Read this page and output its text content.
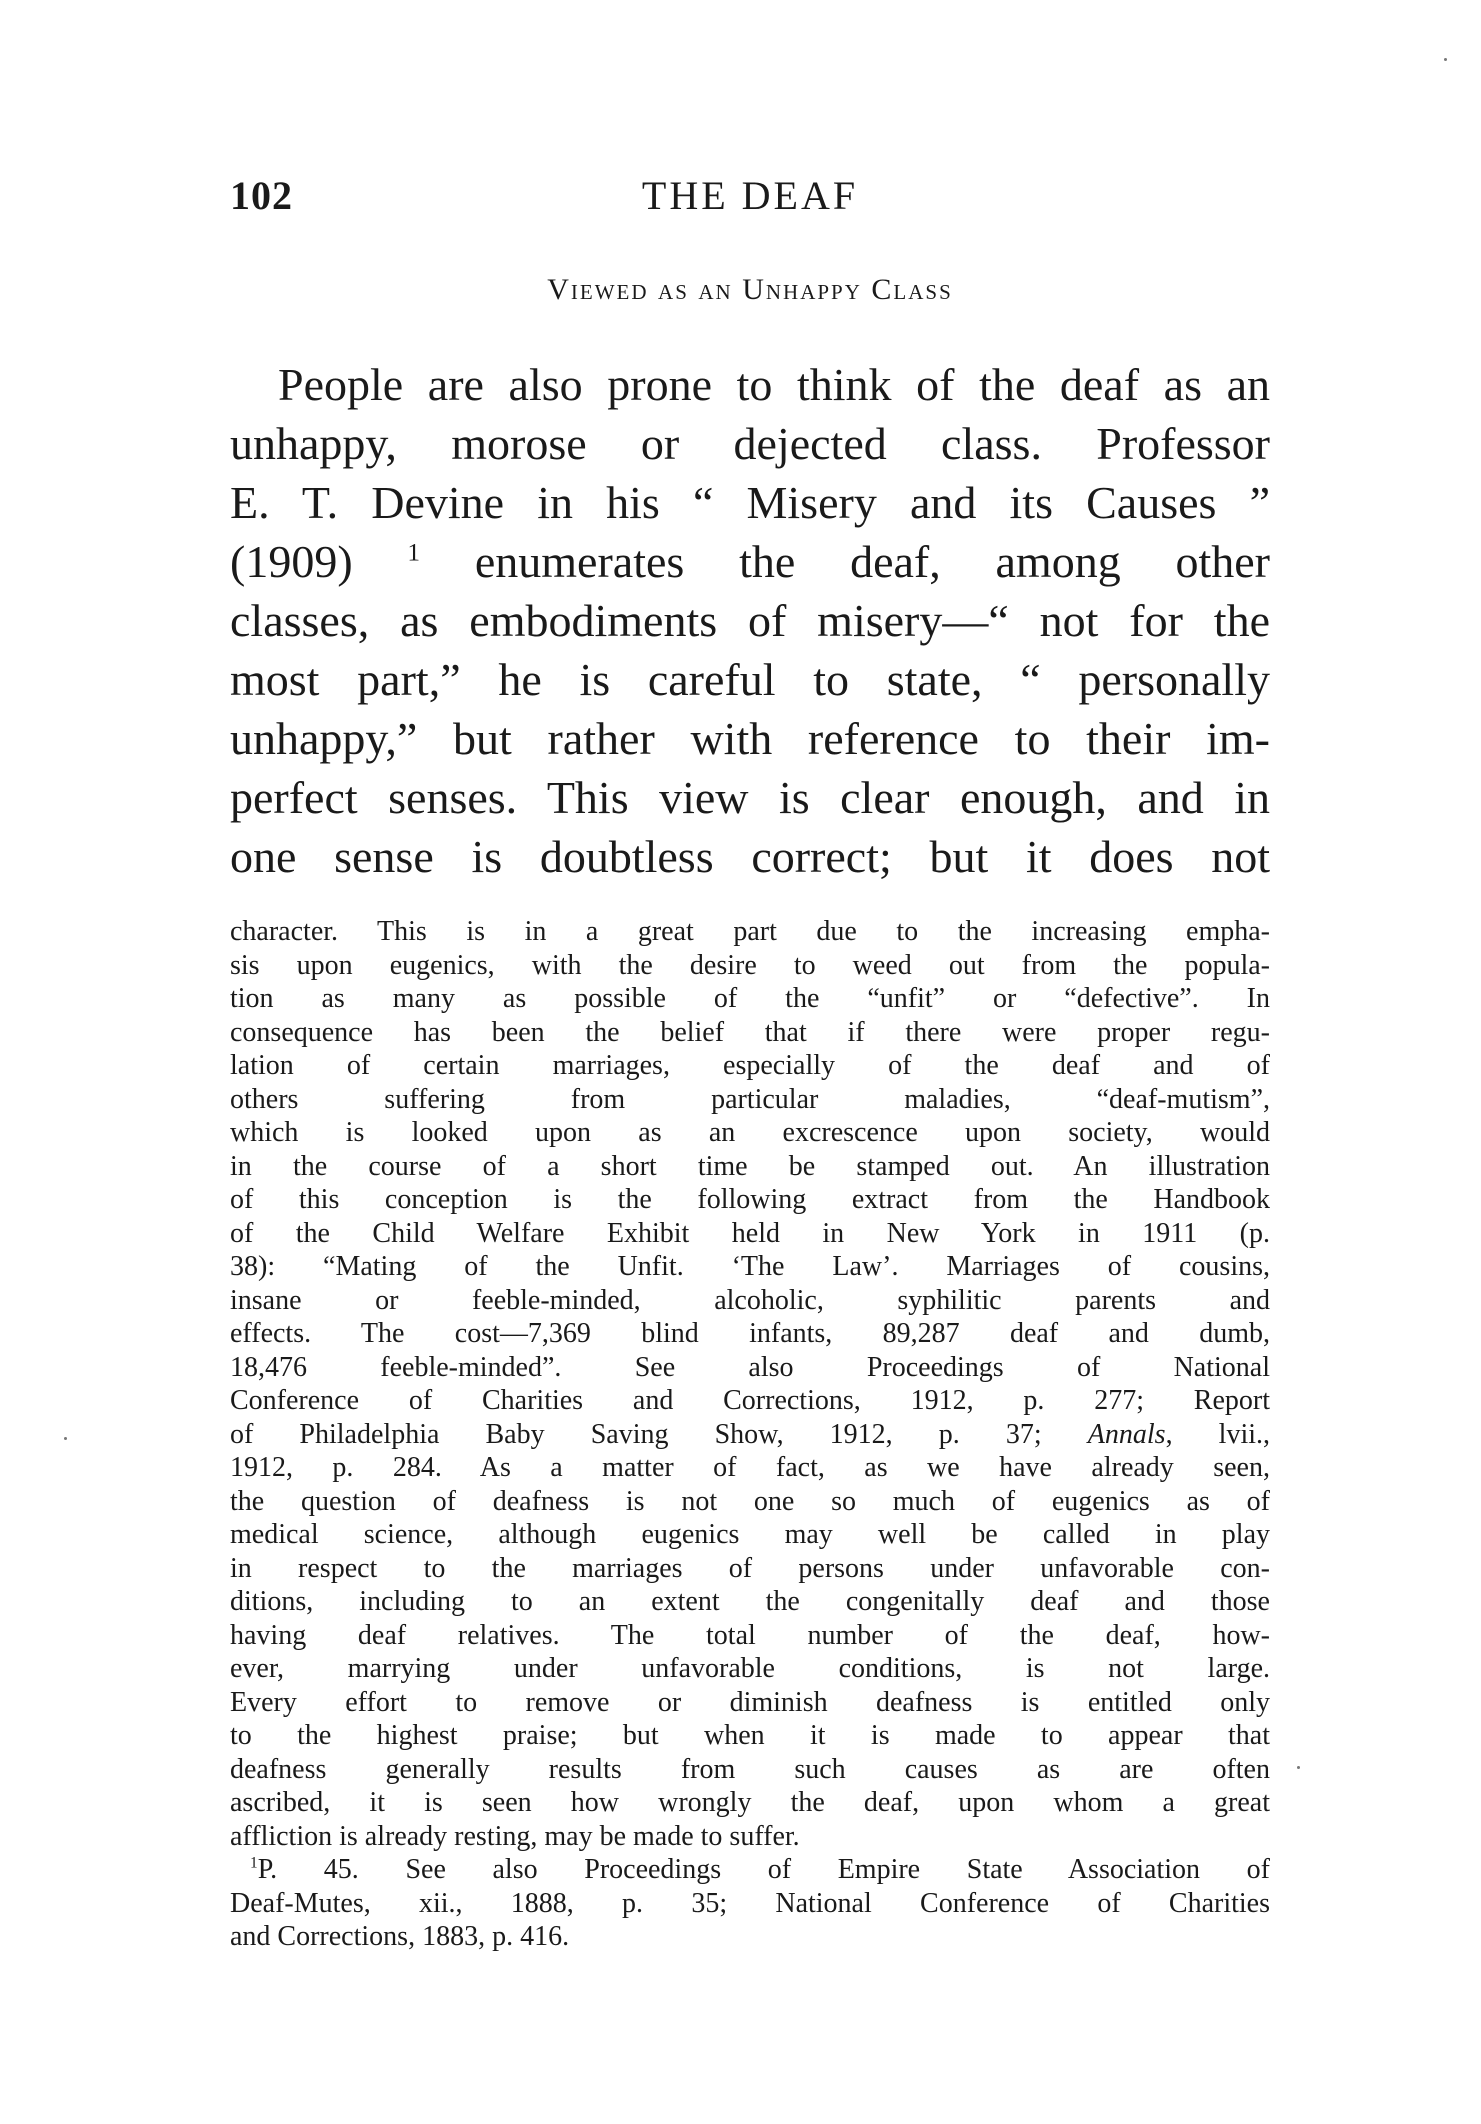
102	THE DEAF
Viewed as an Unhappy Class
People are also prone to think of the deaf as an
unhappy, morose or dejected class. Professor
E. T. Devine in his “ Misery and its Causes ”
(1909) $^1$ enumerates the deaf, among other
classes, as embodiments of misery—“ not for the
most part,” he is careful to state, “ personally
unhappy,” but rather with reference to their im-
perfect senses. This view is clear enough, and in
one sense is doubtless correct; but it does not
character. This is in a great part due to the increasing empha-
sis upon eugenics, with the desire to weed out from the popula-
tion as many as possible of the “unfit” or “defective”. In
consequence has been the belief that if there were proper regu-
lation of certain marriages, especially of the deaf and of
others suffering from particular maladies, “deaf-mutism”,
which is looked upon as an excrescence upon society, would
in the course of a short time be stamped out. An illustration
of this conception is the following extract from the Handbook
of the Child Welfare Exhibit held in New York in 1911 (p.
38): “Mating of the Unfit. ‘The Law’. Marriages of cousins,
insane or feeble-minded, alcoholic, syphilitic parents and
effects. The cost—7,369 blind infants, 89,287 deaf and dumb,
18,476 feeble-minded”. See also Proceedings of National
Conference of Charities and Corrections, 1912, p. 277; Report
of Philadelphia Baby Saving Show, 1912, p. 37; Annals, lvii.,
1912, p. 284. As a matter of fact, as we have already seen,
the question of deafness is not one so much of eugenics as of
medical science, although eugenics may well be called in play
in respect to the marriages of persons under unfavorable con-
ditions, including to an extent the congenitally deaf and those
having deaf relatives. The total number of the deaf, how-
ever, marrying under unfavorable conditions, is not large.
Every effort to remove or diminish deafness is entitled only
to the highest praise; but when it is made to appear that
deafness generally results from such causes as are often
ascribed, it is seen how wrongly the deaf, upon whom a great
affliction is already resting, may be made to suffer.
$^1$P. 45. See also Proceedings of Empire State Association of
Deaf-Mutes, xii., 1888, p. 35; National Conference of Charities
and Corrections, 1883, p. 416.
